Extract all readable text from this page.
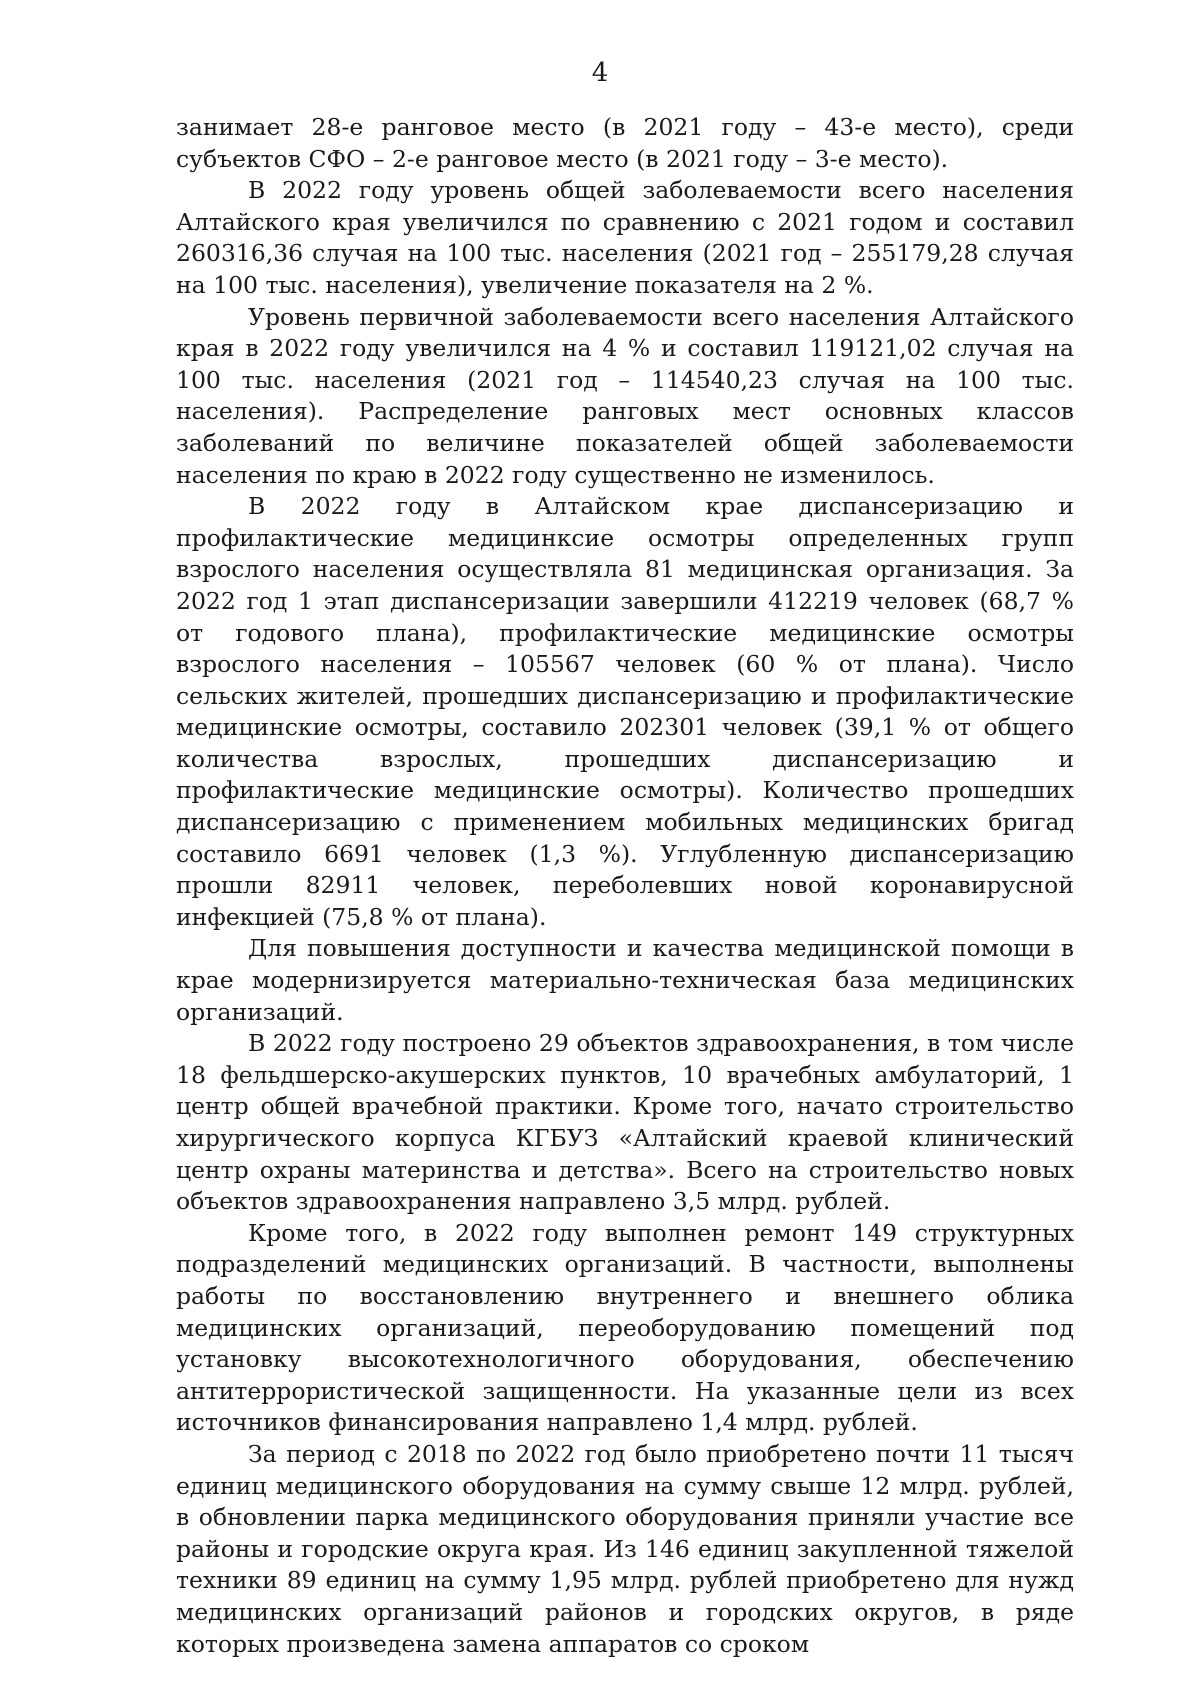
4

занимает 28-е ранговое место (в 2021 году – 43-е место), среди субъектов СФО – 2-е ранговое место (в 2021 году – 3-е место).

В 2022 году уровень общей заболеваемости всего населения Алтайского края увеличился по сравнению с 2021 годом и составил 260316,36 случая на 100 тыс. населения (2021 год – 255179,28 случая на 100 тыс. населения), увеличение показателя на 2 %.

Уровень первичной заболеваемости всего населения Алтайского края в 2022 году увеличился на 4 % и составил 119121,02 случая на 100 тыс. населения (2021 год – 114540,23 случая на 100 тыс. населения). Распределение ранговых мест основных классов заболеваний по величине показателей общей заболеваемости населения по краю в 2022 году существенно не изменилось.

В 2022 году в Алтайском крае диспансеризацию и профилактические медицинксие осмотры определенных групп взрослого населения осуществляла 81 медицинская организация. За 2022 год 1 этап диспансеризации завершили 412219 человек (68,7 % от годового плана), профилактические медицинские осмотры взрослого населения – 105567 человек (60 % от плана). Число сельских жителей, прошедших диспансеризацию и профилактические медицинские осмотры, составило 202301 человек (39,1 % от общего количества взрослых, прошедших диспансеризацию и профилактические медицинские осмотры). Количество прошедших диспансеризацию с применением мобильных медицинских бригад составило 6691 человек (1,3 %). Углубленную диспансеризацию прошли 82911 человек, переболевших новой коронавирусной инфекцией (75,8 % от плана).

Для повышения доступности и качества медицинской помощи в крае модернизируется материально-техническая база медицинских организаций.

В 2022 году построено 29 объектов здравоохранения, в том числе 18 фельдшерско-акушерских пунктов, 10 врачебных амбулаторий, 1 центр общей врачебной практики. Кроме того, начато строительство хирургического корпуса КГБУЗ «Алтайский краевой клинический центр охраны материнства и детства». Всего на строительство новых объектов здравоохранения направлено 3,5 млрд. рублей.

Кроме того, в 2022 году выполнен ремонт 149 структурных подразделений медицинских организаций. В частности, выполнены работы по восстановлению внутреннего и внешнего облика медицинских организаций, переоборудованию помещений под установку высокотехнологичного оборудования, обеспечению антитеррористической защищенности. На указанные цели из всех источников финансирования направлено 1,4 млрд. рублей.

За период с 2018 по 2022 год было приобретено почти 11 тысяч единиц медицинского оборудования на сумму свыше 12 млрд. рублей, в обновлении парка медицинского оборудования приняли участие все районы и городские округа края. Из 146 единиц закупленной тяжелой техники 89 единиц на сумму 1,95 млрд. рублей приобретено для нужд медицинских организаций районов и городских округов, в ряде которых произведена замена аппаратов со сроком
